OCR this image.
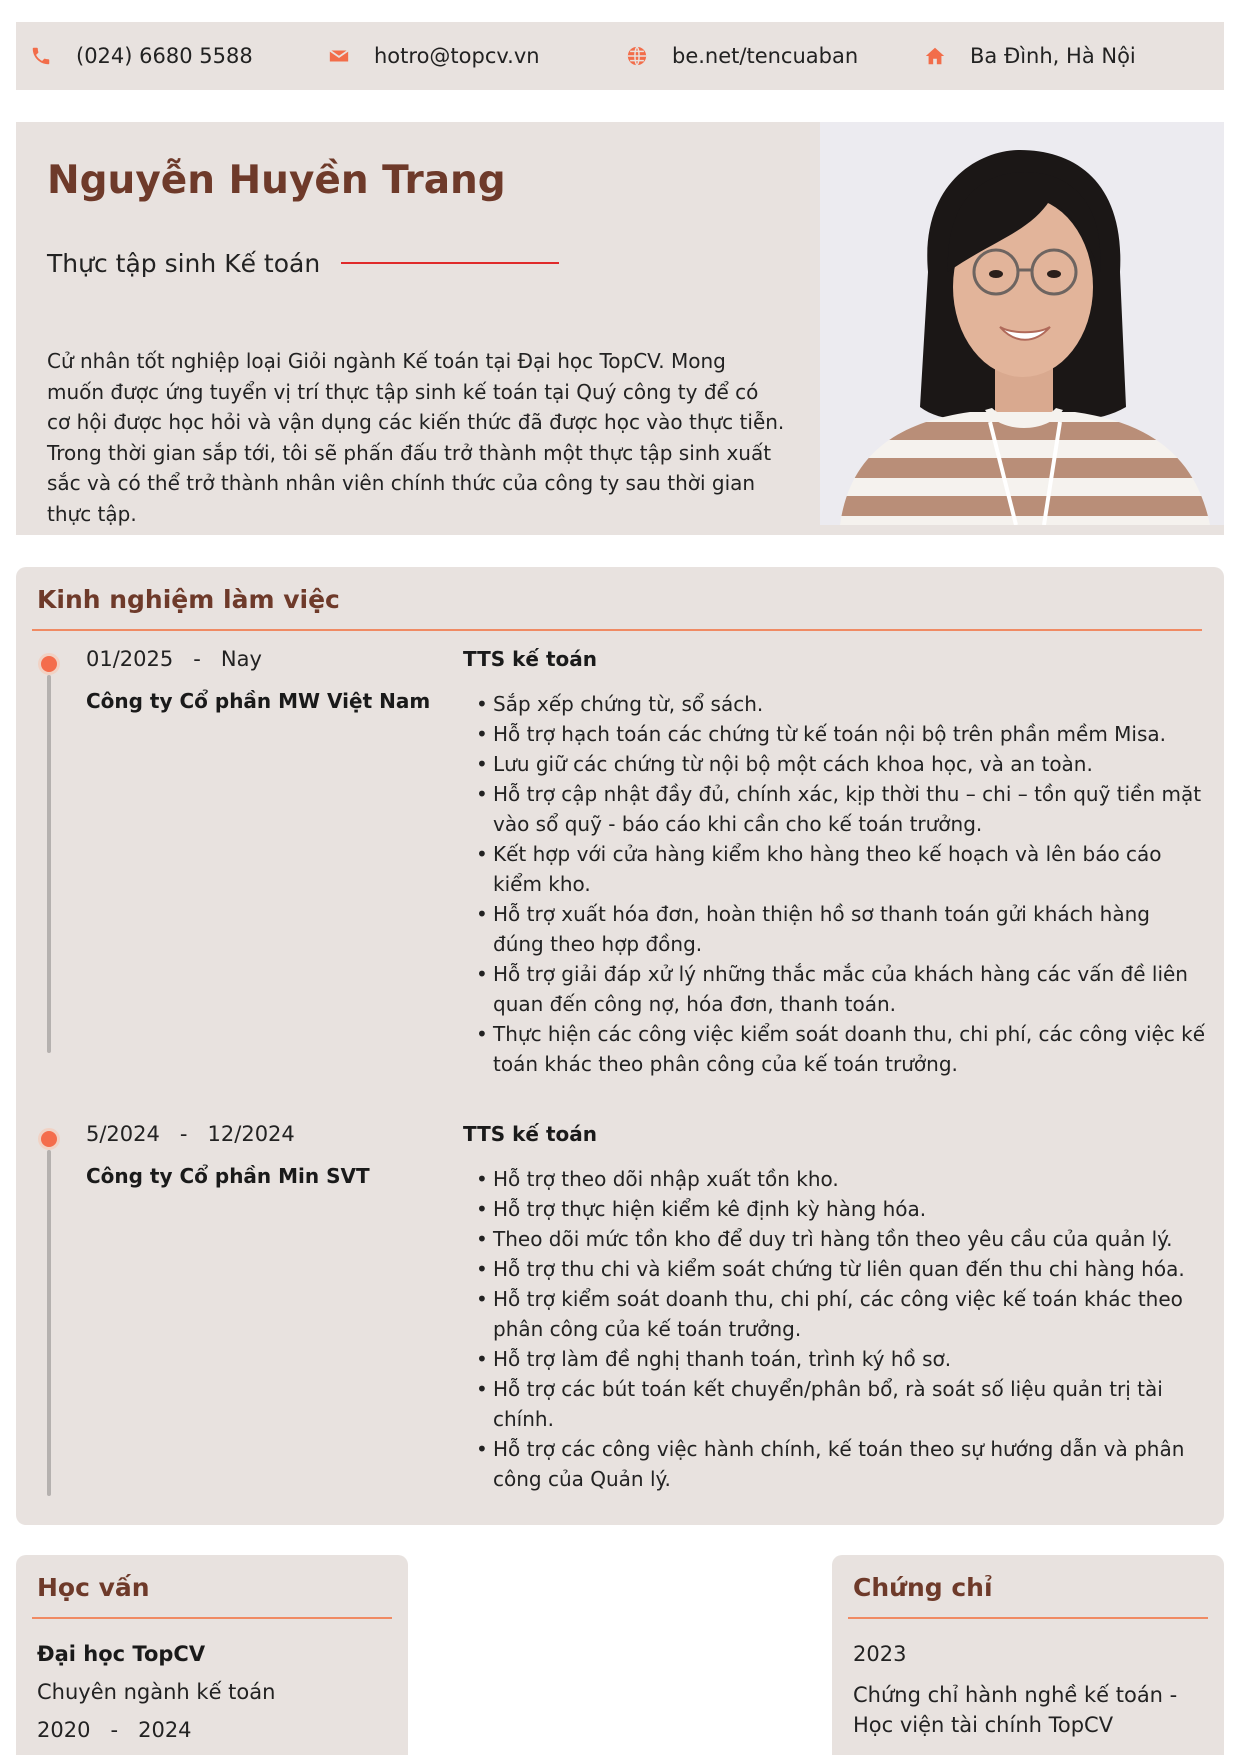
(024) 6680 5588	hotro@topcv.vn	be.net/tencuaban	Ba Đình, Hà Nội
Nguyễn Huyền Trang
Thực tập sinh Kế toán
Cử nhân tốt nghiệp loại Giỏi ngành Kế toán tại Đại học TopCV. Mong muốn được ứng tuyển vị trí thực tập sinh kế toán tại Quý công ty để có cơ hội được học hỏi và vận dụng các kiến thức đã được học vào thực tiễn. Trong thời gian sắp tới, tôi sẽ phấn đấu trở thành một thực tập sinh xuất sắc và có thể trở thành nhân viên chính thức của công ty sau thời gian thực tập.
Kinh nghiệm làm việc
01/2025   -   Nay
Công ty Cổ phần MW Việt Nam
TTS kế toán
• Sắp xếp chứng từ, sổ sách.
• Hỗ trợ hạch toán các chứng từ kế toán nội bộ trên phần mềm Misa.
• Lưu giữ các chứng từ nội bộ một cách khoa học, và an toàn.
• Hỗ trợ cập nhật đầy đủ, chính xác, kịp thời thu – chi – tồn quỹ tiền mặt vào sổ quỹ - báo cáo khi cần cho kế toán trưởng.
• Kết hợp với cửa hàng kiểm kho hàng theo kế hoạch và lên báo cáo kiểm kho.
• Hỗ trợ xuất hóa đơn, hoàn thiện hồ sơ thanh toán gửi khách hàng đúng theo hợp đồng.
• Hỗ trợ giải đáp xử lý những thắc mắc của khách hàng các vấn đề liên quan đến công nợ, hóa đơn, thanh toán.
• Thực hiện các công việc kiểm soát doanh thu, chi phí, các công việc kế toán khác theo phân công của kế toán trưởng.
5/2024   -   12/2024
Công ty Cổ phần Min SVT
TTS kế toán
• Hỗ trợ theo dõi nhập xuất tồn kho.
• Hỗ trợ thực hiện kiểm kê định kỳ hàng hóa.
• Theo dõi mức tồn kho để duy trì hàng tồn theo yêu cầu của quản lý.
• Hỗ trợ thu chi và kiểm soát chứng từ liên quan đến thu chi hàng hóa.
• Hỗ trợ kiểm soát doanh thu, chi phí, các công việc kế toán khác theo phân công của kế toán trưởng.
• Hỗ trợ làm đề nghị thanh toán, trình ký hồ sơ.
• Hỗ trợ các bút toán kết chuyển/phân bổ, rà soát số liệu quản trị tài chính.
• Hỗ trợ các công việc hành chính, kế toán theo sự hướng dẫn và phân công của Quản lý.
Học vấn
Đại học TopCV
Chuyên ngành kế toán
2020   -   2024
Chứng chỉ
2023
Chứng chỉ hành nghề kế toán - Học viện tài chính TopCV
